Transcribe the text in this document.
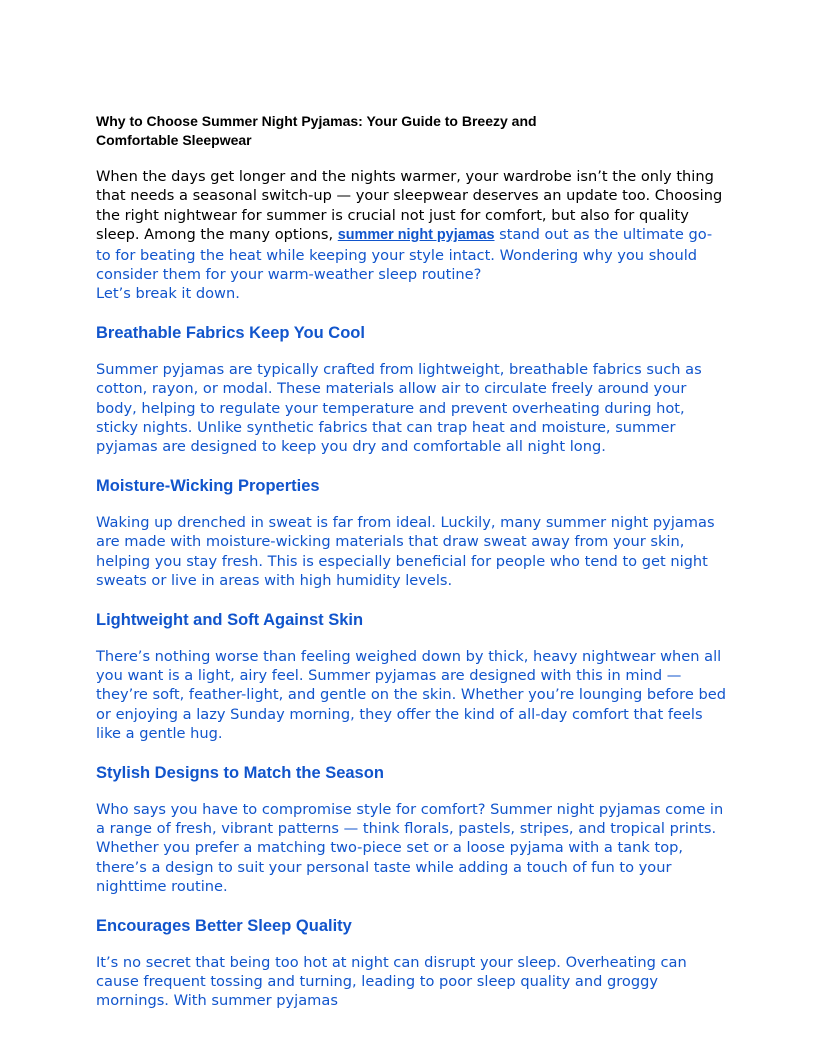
Why to Choose Summer Night Pyjamas: Your Guide to Breezy and Comfortable Sleepwear

When the days get longer and the nights warmer, your wardrobe isn’t the only thing that needs a seasonal switch-up — your sleepwear deserves an update too. Choosing the right nightwear for summer is crucial not just for comfort, but also for quality sleep. Among the many options, summer night pyjamas stand out as the ultimate go-to for beating the heat while keeping your style intact. Wondering why you should consider them for your warm-weather sleep routine?
Let’s break it down.

Breathable Fabrics Keep You Cool

Summer pyjamas are typically crafted from lightweight, breathable fabrics such as cotton, rayon, or modal. These materials allow air to circulate freely around your body, helping to regulate your temperature and prevent overheating during hot, sticky nights. Unlike synthetic fabrics that can trap heat and moisture, summer pyjamas are designed to keep you dry and comfortable all night long.

Moisture-Wicking Properties

Waking up drenched in sweat is far from ideal. Luckily, many summer night pyjamas are made with moisture-wicking materials that draw sweat away from your skin, helping you stay fresh. This is especially beneficial for people who tend to get night sweats or live in areas with high humidity levels.

Lightweight and Soft Against Skin

There’s nothing worse than feeling weighed down by thick, heavy nightwear when all you want is a light, airy feel. Summer pyjamas are designed with this in mind — they’re soft, feather-light, and gentle on the skin. Whether you’re lounging before bed or enjoying a lazy Sunday morning, they offer the kind of all-day comfort that feels like a gentle hug.

Stylish Designs to Match the Season

Who says you have to compromise style for comfort? Summer night pyjamas come in a range of fresh, vibrant patterns — think florals, pastels, stripes, and tropical prints. Whether you prefer a matching two-piece set or a loose pyjama with a tank top, there’s a design to suit your personal taste while adding a touch of fun to your nighttime routine.

Encourages Better Sleep Quality

It’s no secret that being too hot at night can disrupt your sleep. Overheating can cause frequent tossing and turning, leading to poor sleep quality and groggy mornings. With summer pyjamas
